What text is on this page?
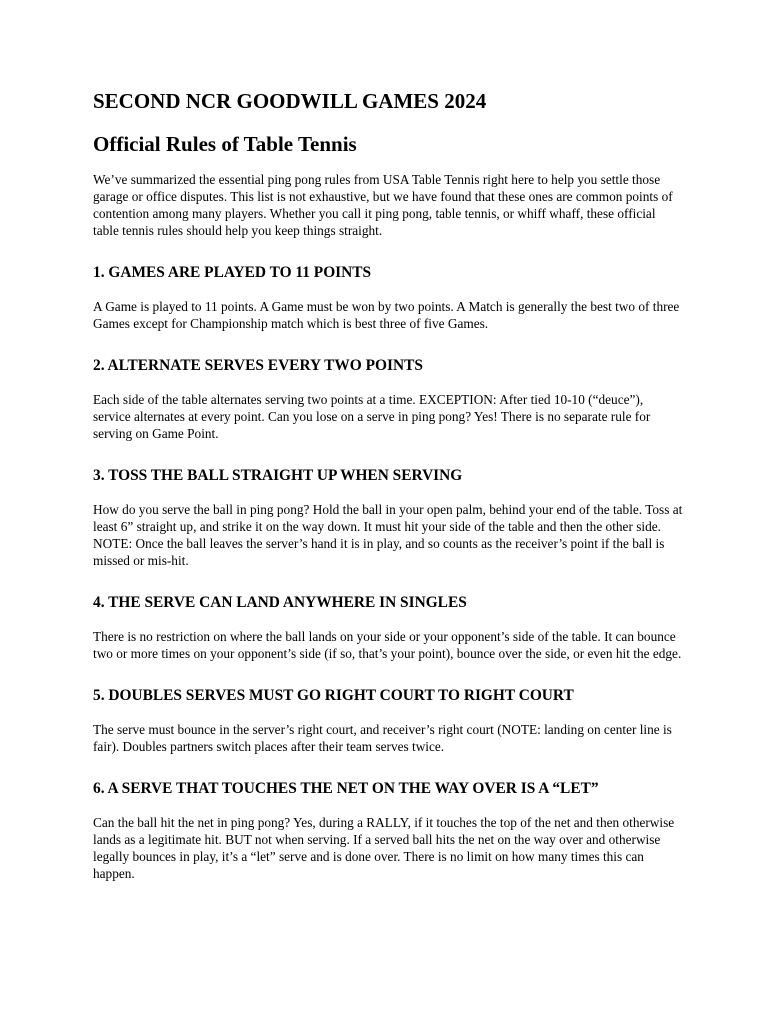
SECOND NCR GOODWILL GAMES 2024
Official Rules of Table Tennis

We’ve summarized the essential ping pong rules from USA Table Tennis right here to help you settle those garage or office disputes. This list is not exhaustive, but we have found that these ones are common points of contention among many players. Whether you call it ping pong, table tennis, or whiff whaff, these official table tennis rules should help you keep things straight.

1. GAMES ARE PLAYED TO 11 POINTS

A Game is played to 11 points. A Game must be won by two points. A Match is generally the best two of three Games except for Championship match which is best three of five Games.

2. ALTERNATE SERVES EVERY TWO POINTS

Each side of the table alternates serving two points at a time. EXCEPTION: After tied 10-10 (“deuce”), service alternates at every point. Can you lose on a serve in ping pong? Yes! There is no separate rule for serving on Game Point.

3. TOSS THE BALL STRAIGHT UP WHEN SERVING

How do you serve the ball in ping pong? Hold the ball in your open palm, behind your end of the table. Toss at least 6” straight up, and strike it on the way down. It must hit your side of the table and then the other side. NOTE: Once the ball leaves the server’s hand it is in play, and so counts as the receiver’s point if the ball is missed or mis-hit.

4. THE SERVE CAN LAND ANYWHERE IN SINGLES

There is no restriction on where the ball lands on your side or your opponent’s side of the table. It can bounce two or more times on your opponent’s side (if so, that’s your point), bounce over the side, or even hit the edge.

5. DOUBLES SERVES MUST GO RIGHT COURT TO RIGHT COURT

The serve must bounce in the server’s right court, and receiver’s right court (NOTE: landing on center line is fair). Doubles partners switch places after their team serves twice.

6. A SERVE THAT TOUCHES THE NET ON THE WAY OVER IS A “LET”

Can the ball hit the net in ping pong? Yes, during a RALLY, if it touches the top of the net and then otherwise lands as a legitimate hit. BUT not when serving. If a served ball hits the net on the way over and otherwise legally bounces in play, it’s a “let” serve and is done over. There is no limit on how many times this can happen.
